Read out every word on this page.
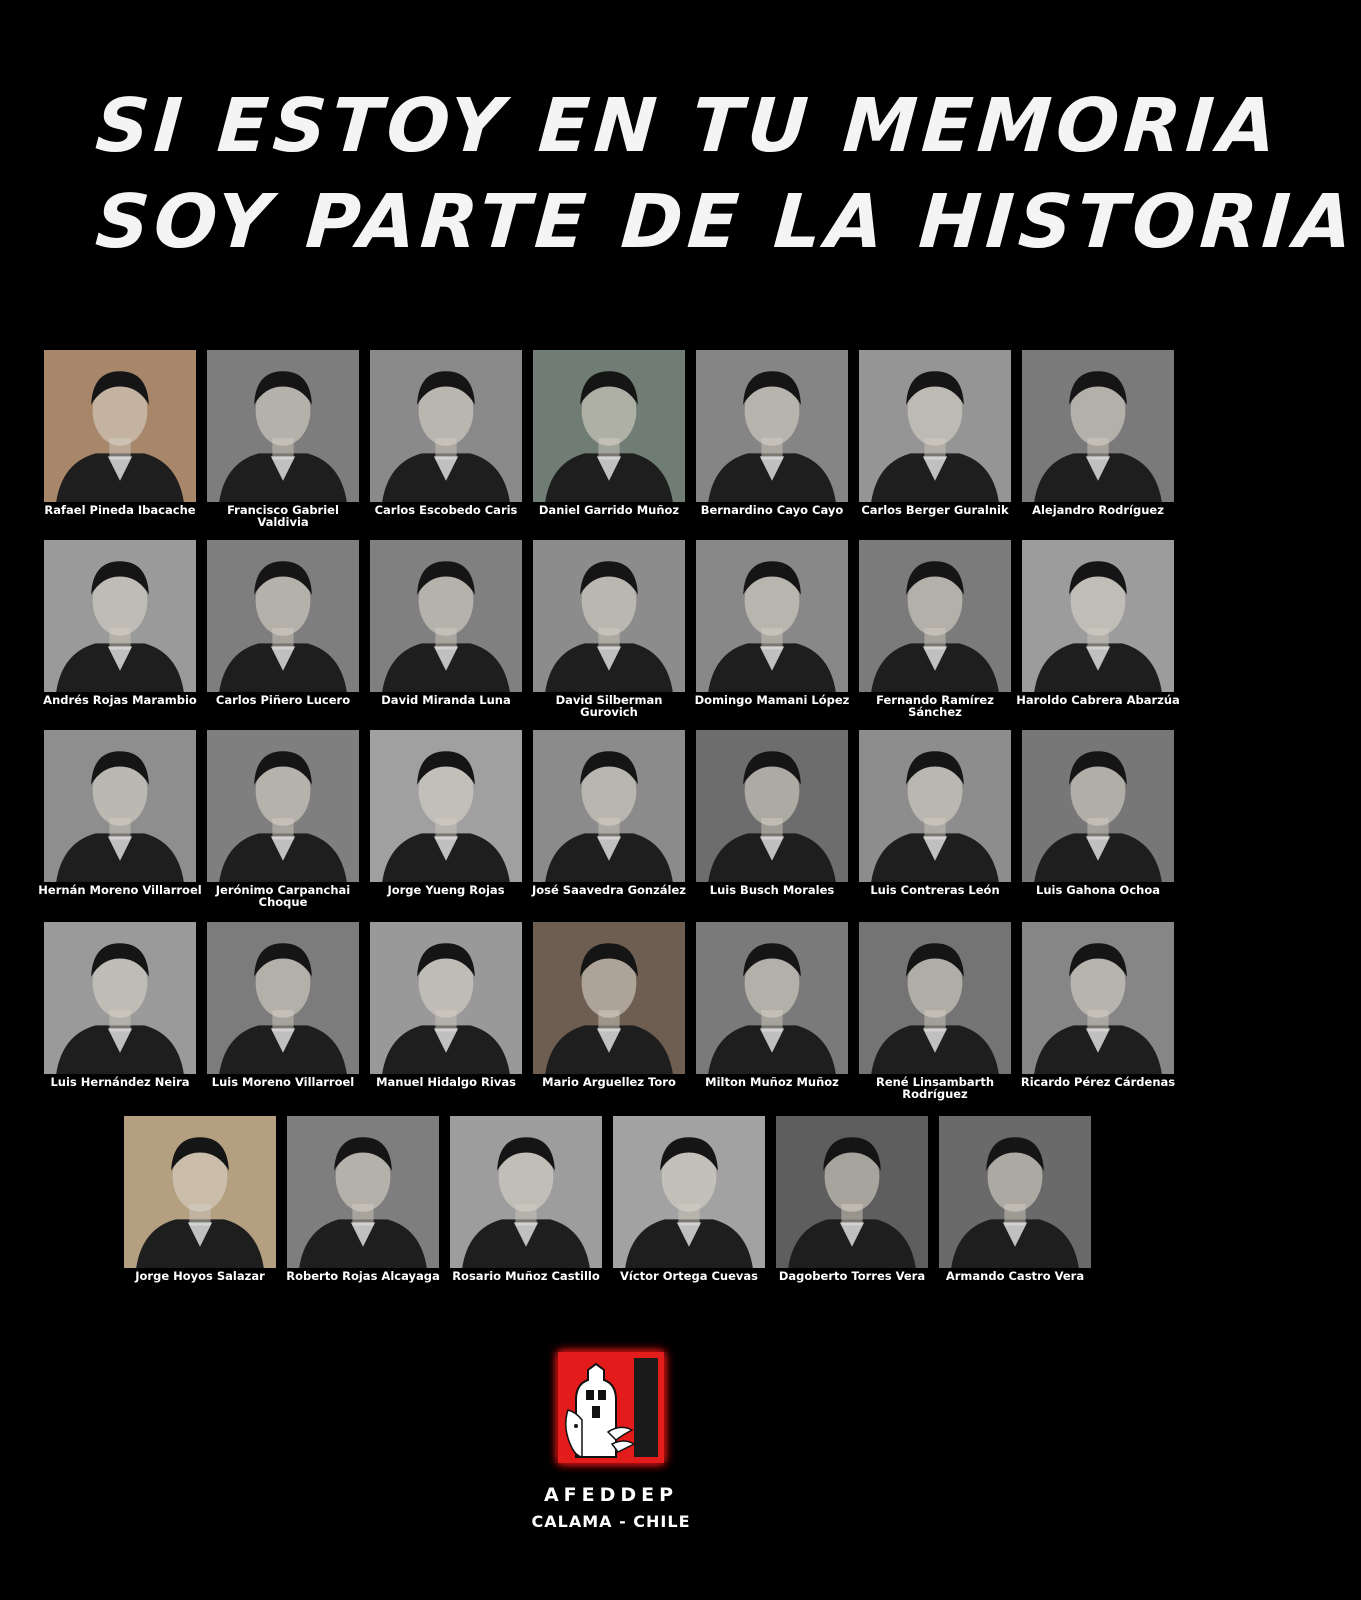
SI ESTOY EN TU MEMORIA
SOY PARTE DE LA HISTORIA
Rafael Pineda Ibacache	Francisco Gabriel Valdivia
Carlos Escobedo Caris	Daniel Garrido Muñoz	Bernardino Cayo Cayo	Carlos Berger Guralnik	Alejandro Rodríguez
Andrés Rojas Marambio	Carlos Piñero Lucero	David Miranda Luna	David Silberman Gurovich
Domingo Mamani López	Fernando Ramírez Sánchez
Haroldo Cabrera Abarzúa
Hernán Moreno Villarroel	Jerónimo Carpanchai Choque
Jorge Yueng Rojas	José Saavedra González	Luis Busch Morales	Luis Contreras León	Luis Gahona Ochoa
Luis Hernández Neira	Luis Moreno Villarroel	Manuel Hidalgo Rivas	Mario Arguellez Toro	Milton Muñoz Muñoz	René Linsambarth Rodríguez
Ricardo Pérez Cárdenas
Jorge Hoyos Salazar	Roberto Rojas Alcayaga	Rosario Muñoz Castillo	Víctor Ortega Cuevas	Dagoberto Torres Vera	Armando Castro Vera
AFEDDEP
CALAMA - CHILE
